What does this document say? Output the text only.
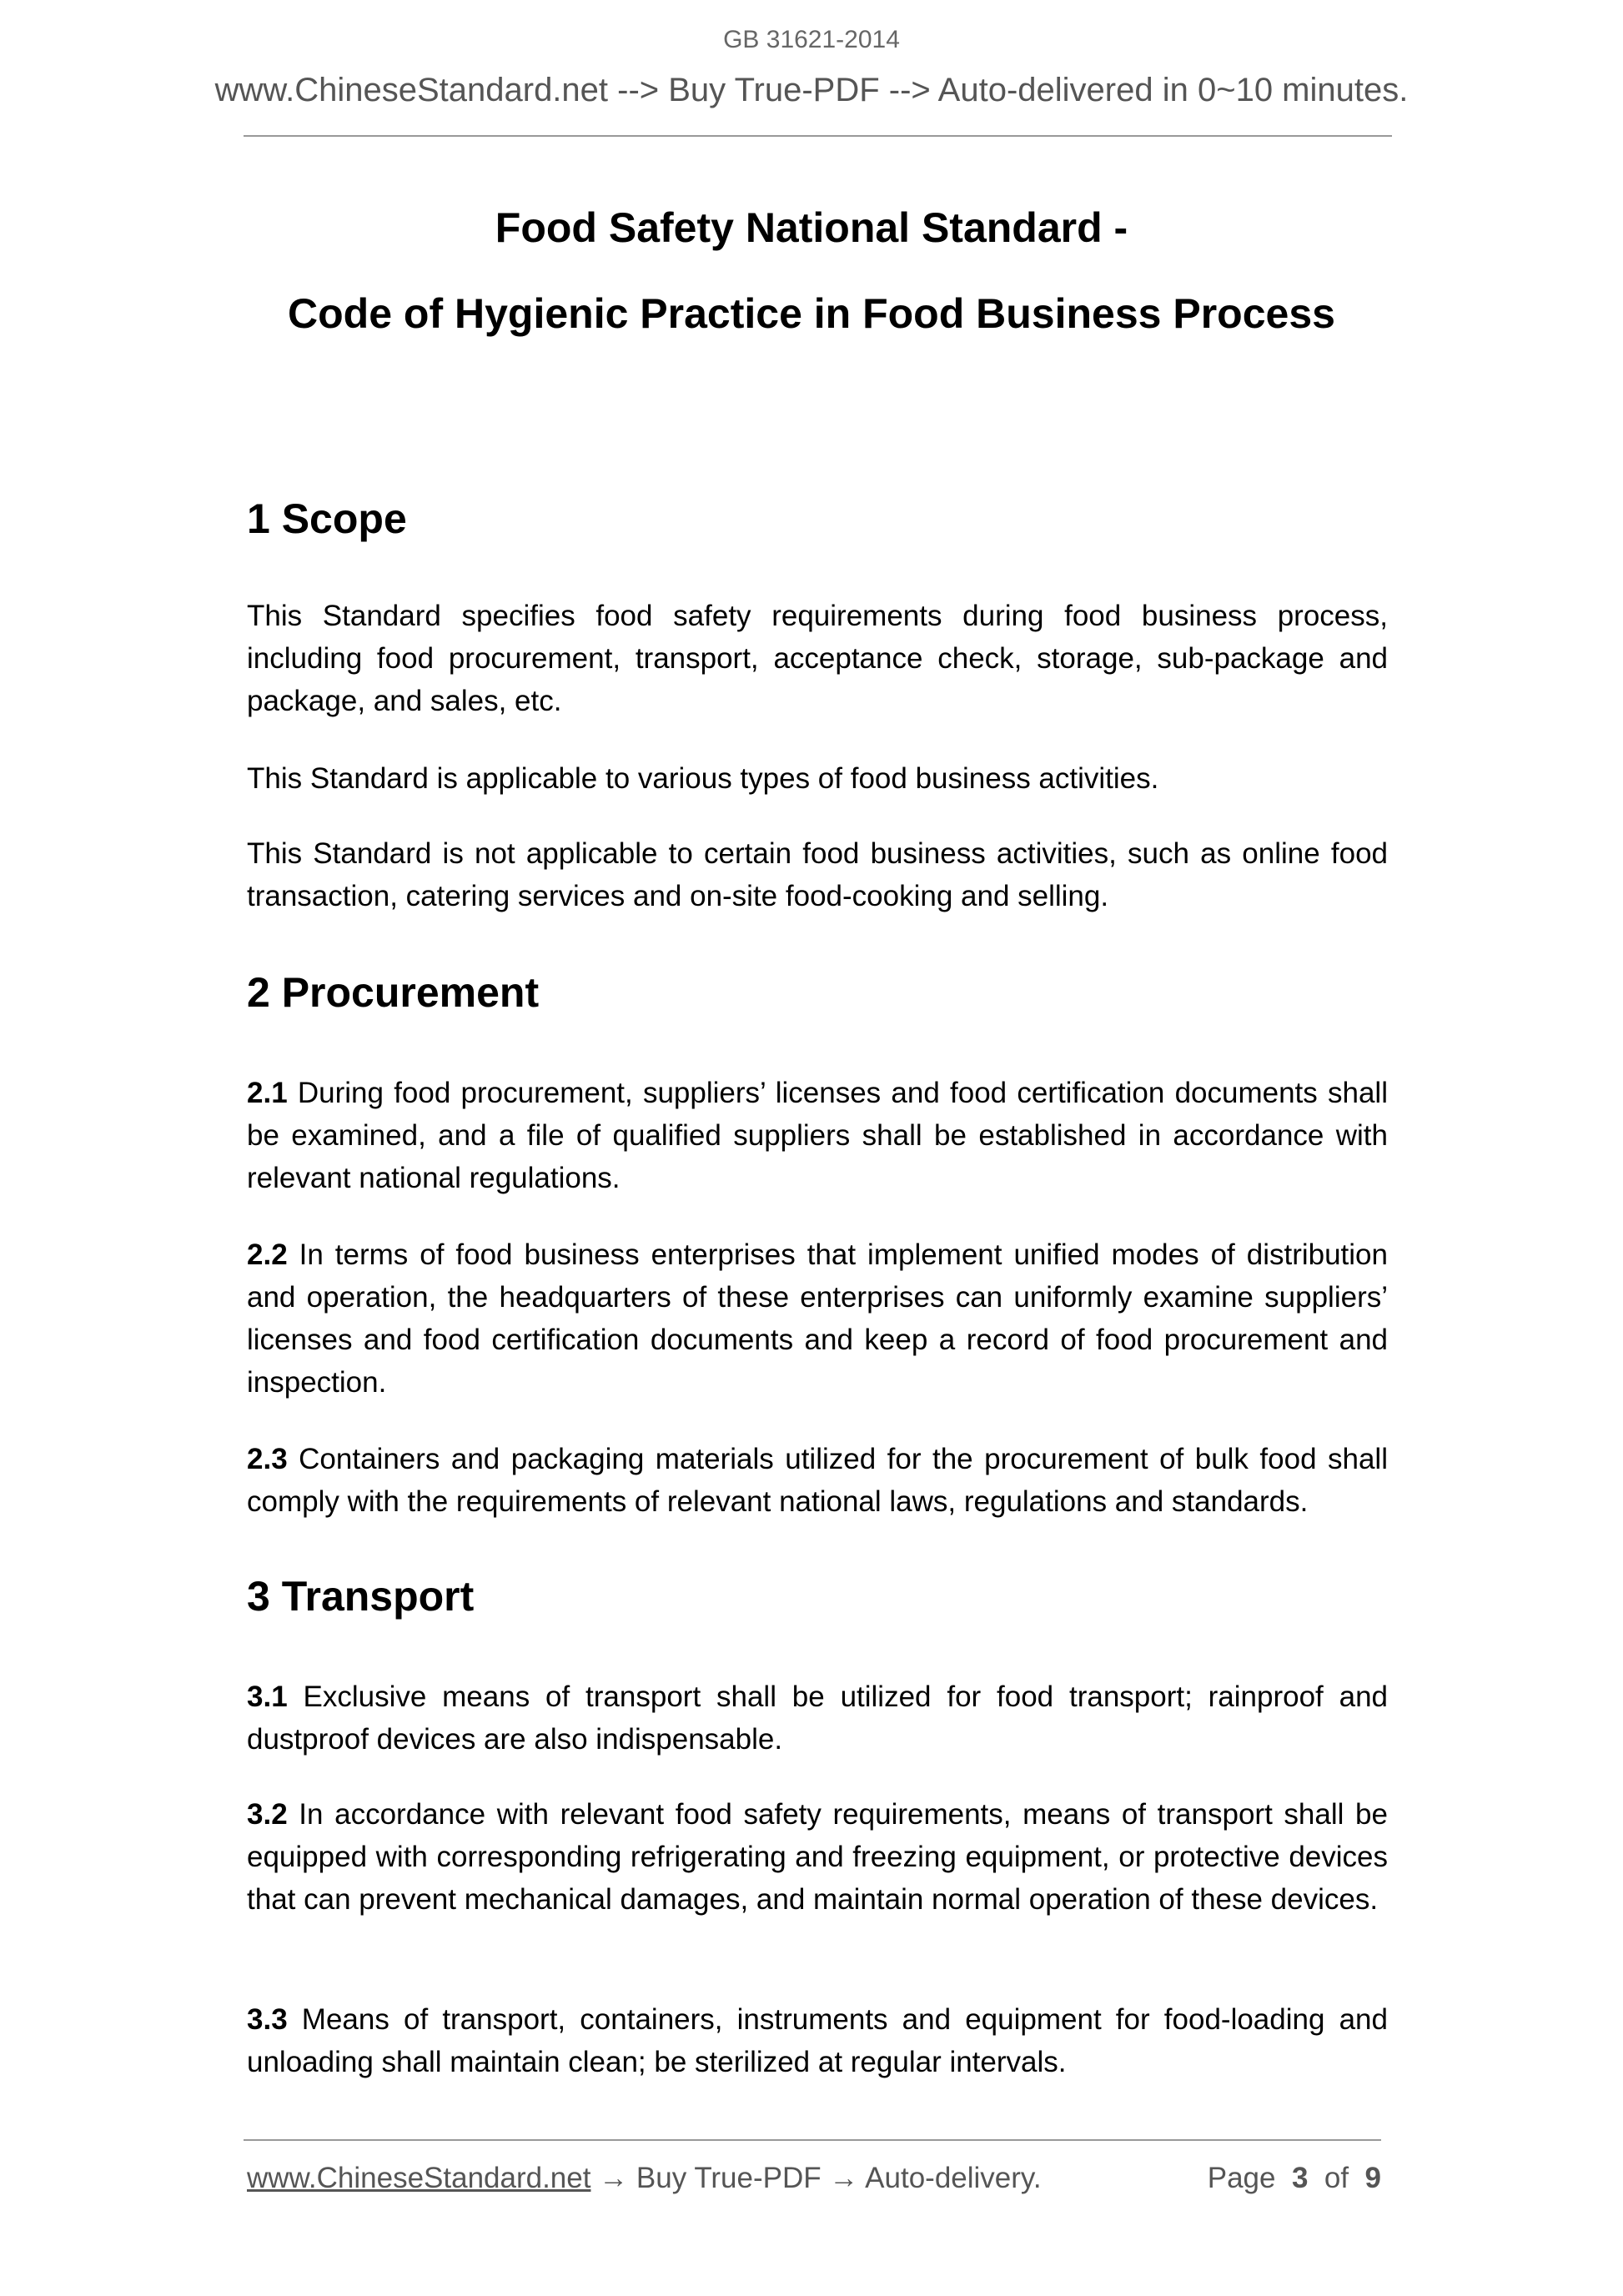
GB 31621-2014
www.ChineseStandard.net --> Buy True-PDF --> Auto-delivered in 0~10 minutes.
Food Safety National Standard -
Code of Hygienic Practice in Food Business Process
1 Scope
This Standard specifies food safety requirements during food business process, including food procurement, transport, acceptance check, storage, sub-package and package, and sales, etc.
This Standard is applicable to various types of food business activities.
This Standard is not applicable to certain food business activities, such as online food transaction, catering services and on-site food-cooking and selling.
2 Procurement
2.1 During food procurement, suppliers’ licenses and food certification documents shall be examined, and a file of qualified suppliers shall be established in accordance with relevant national regulations.
2.2 In terms of food business enterprises that implement unified modes of distribution and operation, the headquarters of these enterprises can uniformly examine suppliers’ licenses and food certification documents and keep a record of food procurement and inspection.
2.3 Containers and packaging materials utilized for the procurement of bulk food shall comply with the requirements of relevant national laws, regulations and standards.
3 Transport
3.1 Exclusive means of transport shall be utilized for food transport; rainproof and dustproof devices are also indispensable.
3.2 In accordance with relevant food safety requirements, means of transport shall be equipped with corresponding refrigerating and freezing equipment, or protective devices that can prevent mechanical damages, and maintain normal operation of these devices.
3.3 Means of transport, containers, instruments and equipment for food-loading and unloading shall maintain clean; be sterilized at regular intervals.
www.ChineseStandard.net → Buy True-PDF → Auto-delivery.	Page 3 of 9
